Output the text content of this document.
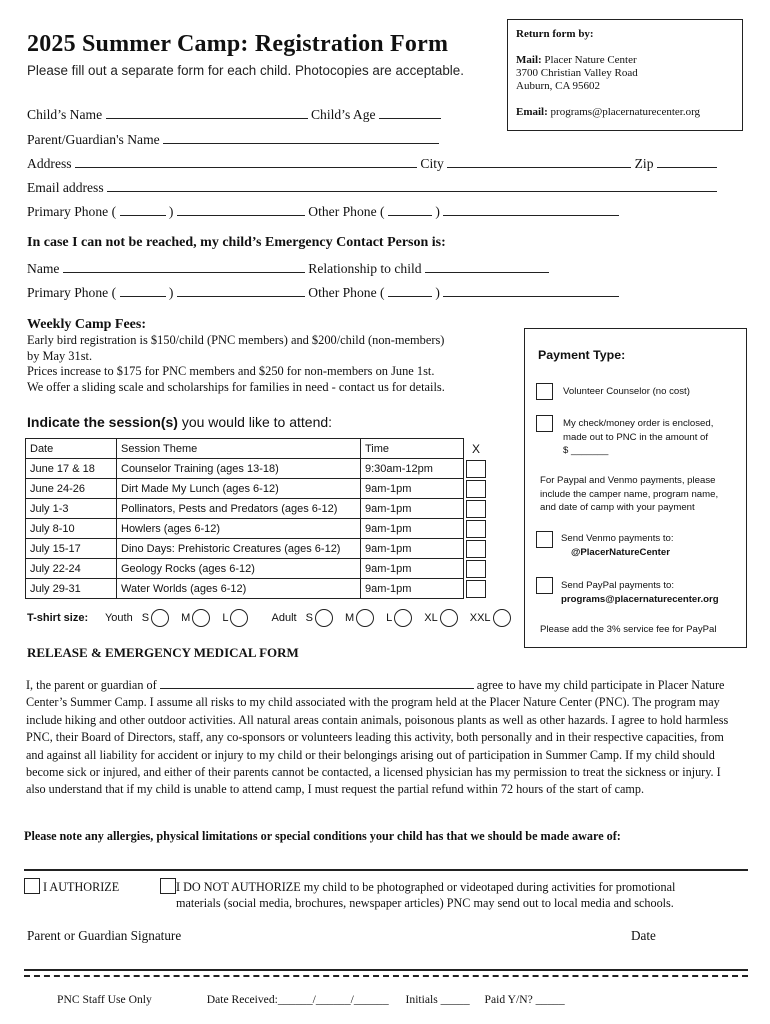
2025 Summer Camp: Registration Form
Please fill out a separate form for each child. Photocopies are acceptable.
Return form by:
Mail: Placer Nature Center
3700 Christian Valley Road
Auburn, CA 95602
Email: programs@placernaturecenter.org
Child’s Name	Child’s Age
Parent/Guardian's Name
Address	City	Zip
Email address
Primary Phone (	)	Other Phone (	)
In case I can not be reached, my child’s Emergency Contact Person is:
Name	Relationship to child
Primary Phone (	)	Other Phone (	)
Weekly Camp Fees:
Early bird registration is $150/child (PNC members) and $200/child (non-members)
by May 31st.
Prices increase to $175 for PNC members and $250 for non-members on June 1st.
We offer a sliding scale and scholarships for families in need - contact us for details.
Indicate the session(s) you would like to attend:
Date	Session Theme	Time	X
June 17 & 18	Counselor Training (ages 13-18)	9:30am-12pm	

June 24-26	Dirt Made My Lunch (ages 6-12)	9am-1pm	

July 1-3	Pollinators, Pests and Predators (ages 6-12)	9am-1pm	

July 8-10	Howlers (ages 6-12)	9am-1pm	

July 15-17	Dino Days: Prehistoric Creatures (ages 6-12)	9am-1pm	

July 22-24	Geology Rocks (ages 6-12)	9am-1pm	

July 29-31	Water Worlds (ages 6-12)	9am-1pm	
T-shirt size: Youth S	M	L	Adult S	M	L	XL	XXL
Payment Type:
Volunteer Counselor (no cost)
My check/money order is enclosed,
made out to PNC in the amount of
$ _______
For Paypal and Venmo payments, please
include the camper name, program name,
and date of camp with your payment
Send Venmo payments to:
@PlacerNatureCenter
Send PayPal payments to:
programs@placernaturecenter.org
Please add the 3% service fee for PayPal
RELEASE & EMERGENCY MEDICAL FORM
I, the parent or guardian of	agree to have my child participate in Placer Nature Center’s Summer Camp. I assume all risks to my child associated with the program held at the Placer Nature Center (PNC). The program may include hiking and other outdoor activities. All natural areas contain animals, poisonous plants as well as other hazards. I agree to hold harmless PNC, their Board of Directors, staff, any co-sponsors or volunteers leading this activity, both personally and in their respective capacities, from and against all liability for accident or injury to my child or their belongings arising out of participation in Summer Camp. If my child should become sick or injured, and either of their parents cannot be contacted, a licensed physician has my permission to treat the sickness or injury. I also understand that if my child is unable to attend camp, I must request the partial refund within 72 hours of the start of camp.
Please note any allergies, physical limitations or special conditions your child has that we should be made aware of:
I AUTHORIZE	I DO NOT AUTHORIZE my child to be photographed or videotaped during activities for promotional
materials (social media, brochures, newspaper articles) PNC may send out to local media and schools.
Parent or Guardian Signature	Date
PNC Staff Use Only	Date Received:______/______/______ Initials _____ Paid Y/N? _____
